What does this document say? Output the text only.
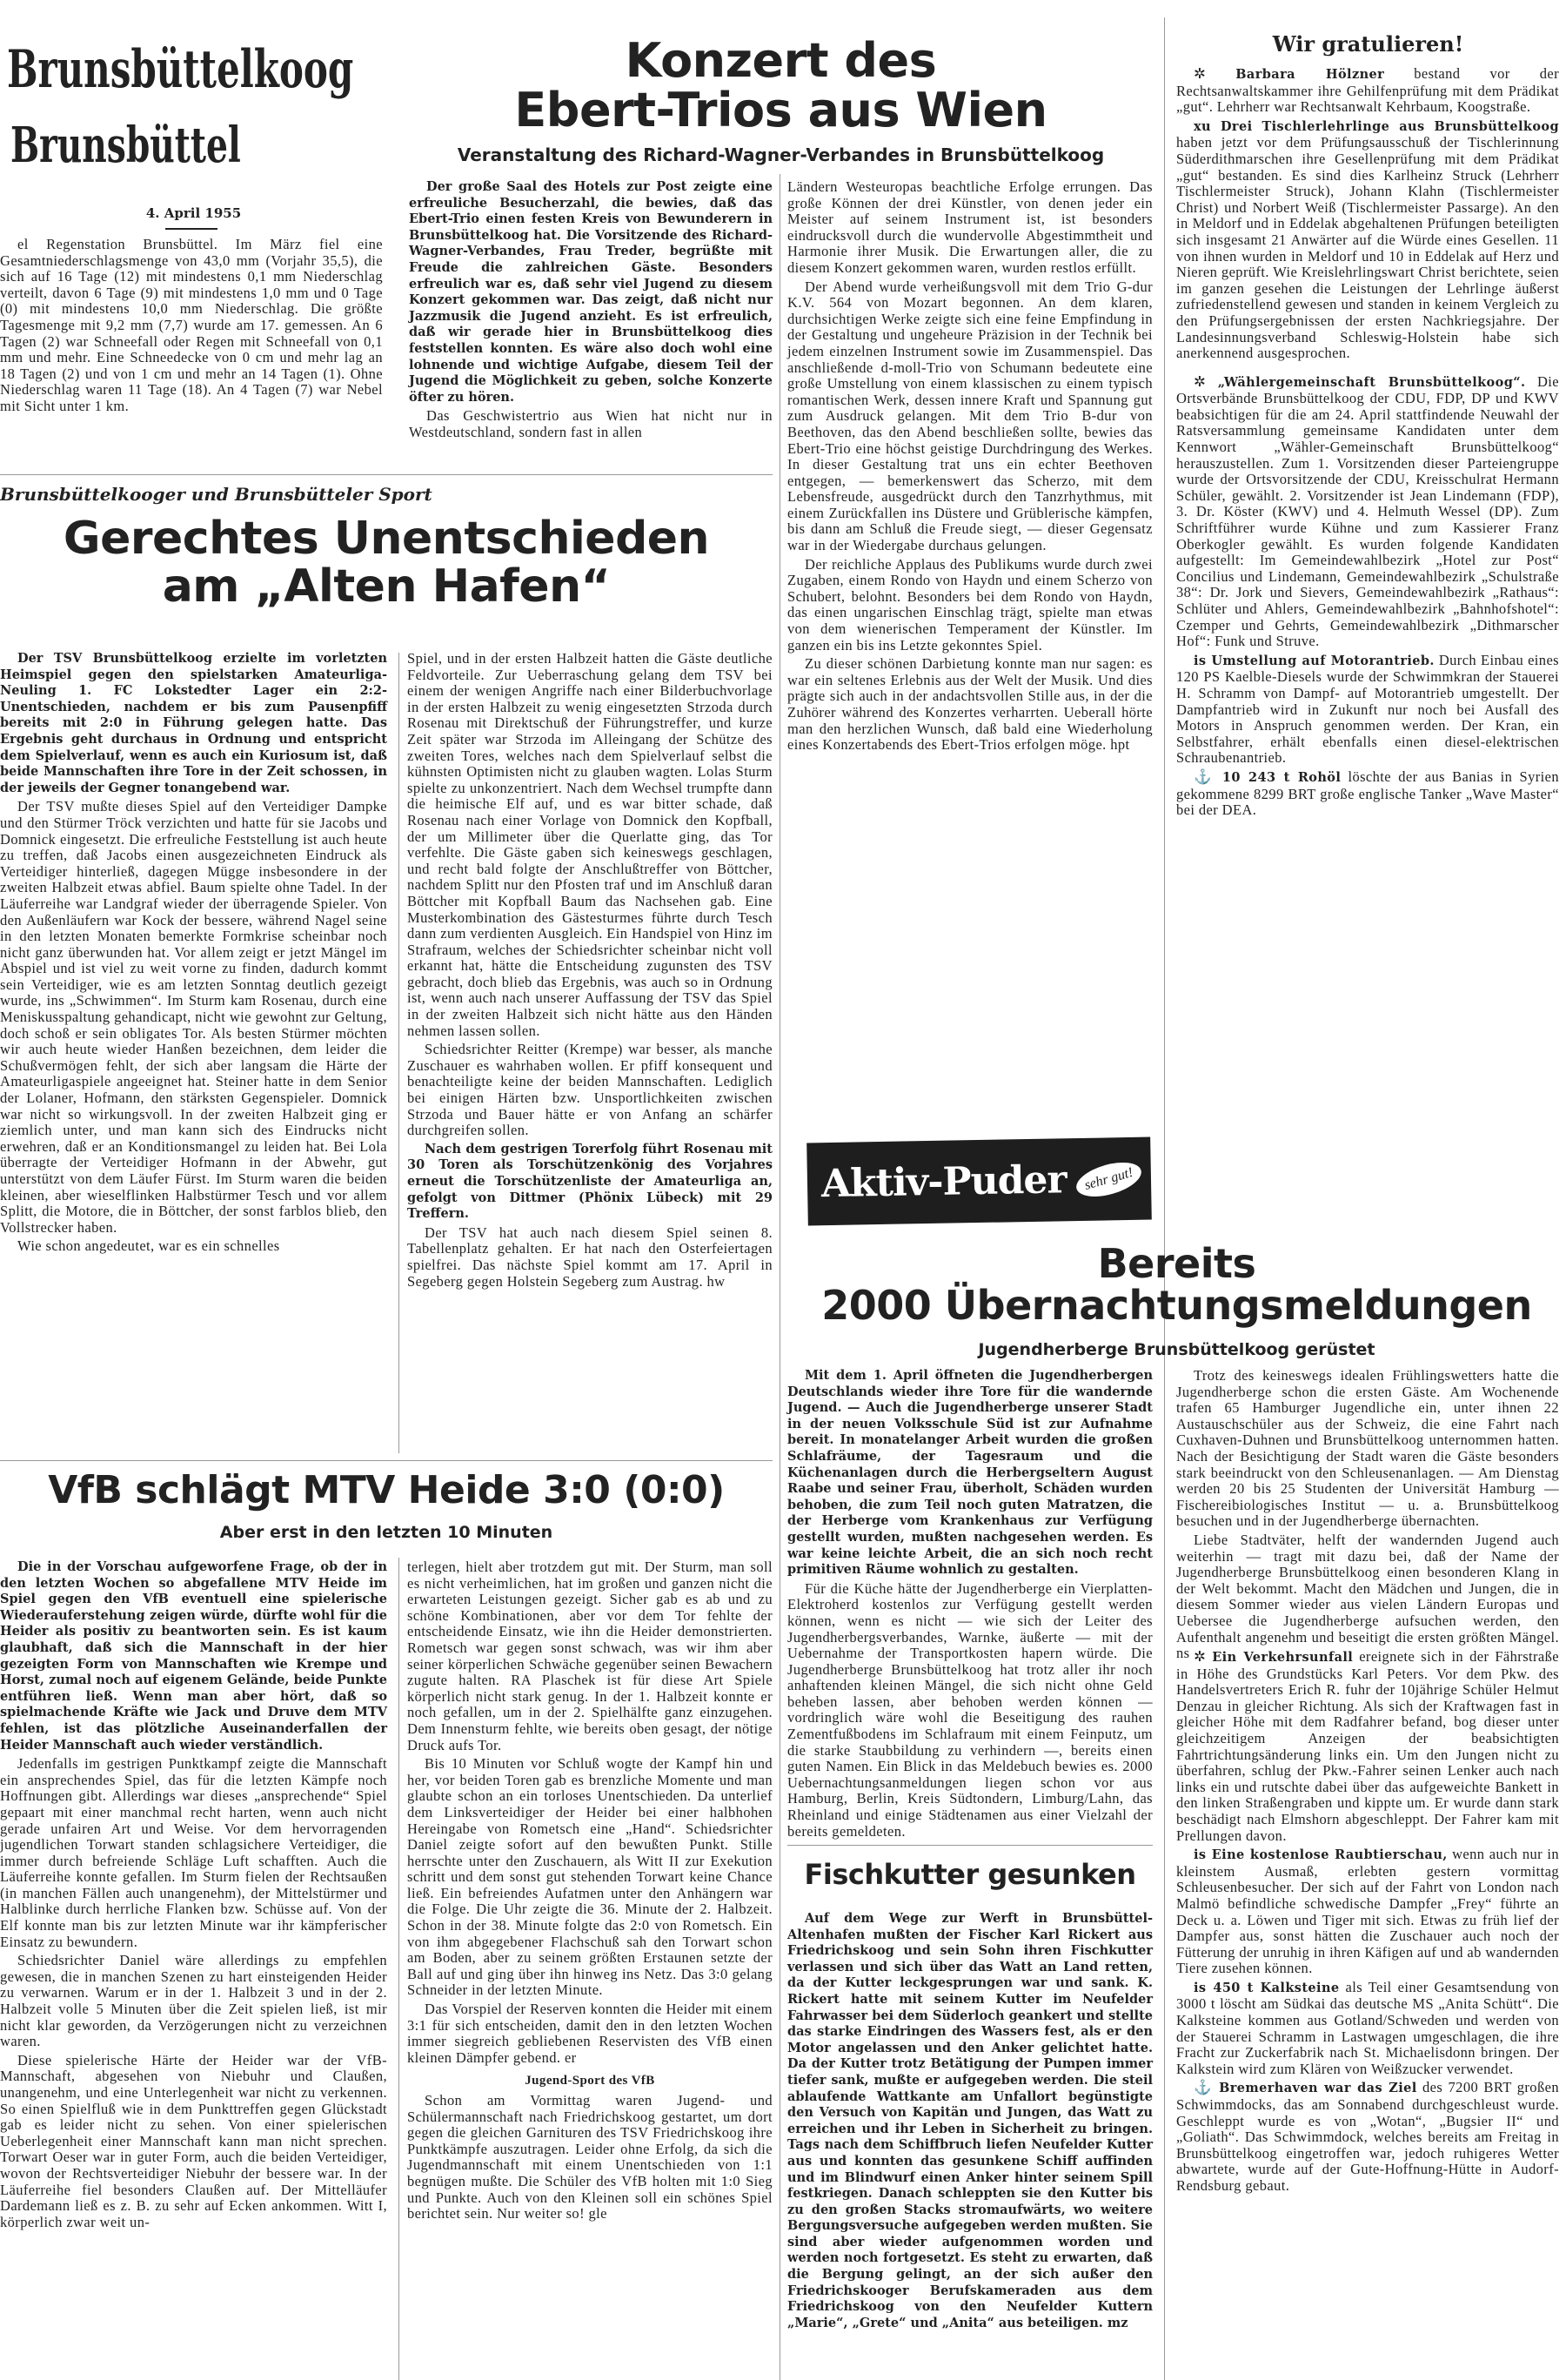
Brunsbüttelkoog
Brunsbüttel
4. April 1955

el Regenstation Brunsbüttel. Im März fiel eine Gesamtniederschlagsmenge von 43,0 mm (Vorjahr 35,5), die sich auf 16 Tage (12) mit mindestens 0,1 mm Niederschlag verteilt, davon 6 Tage (9) mit mindestens 1,0 mm und 0 Tage (0) mit mindestens 10,0 mm Niederschlag. Die größte Tagesmenge mit 9,2 mm (7,7) wurde am 17. gemessen. An 6 Tagen (2) war Schneefall oder Regen mit Schneefall von 0,1 mm und mehr. Eine Schneedecke von 0 cm und mehr lag an 18 Tagen (2) und von 1 cm und mehr an 14 Tagen (1). Ohne Niederschlag waren 11 Tage (18). An 4 Tagen (7) war Nebel mit Sicht unter 1 km.

Konzert des
Ebert-Trios aus Wien
Veranstaltung des Richard-Wagner-Verbandes in Brunsbüttelkoog

Der große Saal des Hotels zur Post zeigte eine erfreuliche Besucherzahl, die bewies, daß das Ebert-Trio einen festen Kreis von Bewunderern in Brunsbüttelkoog hat. Die Vorsitzende des Richard-Wagner-Verbandes, Frau Treder, begrüßte mit Freude die zahlreichen Gäste. Besonders erfreulich war es, daß sehr viel Jugend zu diesem Konzert gekommen war. Das zeigt, daß nicht nur Jazzmusik die Jugend anzieht. Es ist erfreulich, daß wir gerade hier in Brunsbüttelkoog dies feststellen konnten. Es wäre also doch wohl eine lohnende und wichtige Aufgabe, diesem Teil der Jugend die Möglichkeit zu geben, solche Konzerte öfter zu hören.

Das Geschwistertrio aus Wien hat nicht nur in Westdeutschland, sondern fast in allen

Ländern Westeuropas beachtliche Erfolge errungen. Das große Können der drei Künstler, von denen jeder ein Meister auf seinem Instrument ist, ist besonders eindrucksvoll durch die wundervolle Abgestimmtheit und Harmonie ihrer Musik. Die Erwartungen aller, die zu diesem Konzert gekommen waren, wurden restlos erfüllt.

Der Abend wurde verheißungsvoll mit dem Trio G-dur K.V. 564 von Mozart begonnen. An dem klaren, durchsichtigen Werke zeigte sich eine feine Empfindung in der Gestaltung und ungeheure Präzision in der Technik bei jedem einzelnen Instrument sowie im Zusammenspiel. Das anschließende d-moll-Trio von Schumann bedeutete eine große Umstellung von einem klassischen zu einem typisch romantischen Werk, dessen innere Kraft und Spannung gut zum Ausdruck gelangen. Mit dem Trio B-dur von Beethoven, das den Abend beschließen sollte, bewies das Ebert-Trio eine höchst geistige Durchdringung des Werkes. In dieser Gestaltung trat uns ein echter Beethoven entgegen, — bemerkenswert das Scherzo, mit dem Lebensfreude, ausgedrückt durch den Tanzrhythmus, mit einem Zurückfallen ins Düstere und Grüblerische kämpfen, bis dann am Schluß die Freude siegt, — dieser Gegensatz war in der Wiedergabe durchaus gelungen.

Der reichliche Applaus des Publikums wurde durch zwei Zugaben, einem Rondo von Haydn und einem Scherzo von Schubert, belohnt. Besonders bei dem Rondo von Haydn, das einen ungarischen Einschlag trägt, spielte man etwas von dem wienerischen Temperament der Künstler. Im ganzen ein bis ins Letzte gekonntes Spiel.

Zu dieser schönen Darbietung konnte man nur sagen: es war ein seltenes Erlebnis aus der Welt der Musik. Und dies prägte sich auch in der andachtsvollen Stille aus, in der die Zuhörer während des Konzertes verharrten. Ueberall hörte man den herzlichen Wunsch, daß bald eine Wiederholung eines Konzertabends des Ebert-Trios erfolgen möge. hpt

Wir gratulieren!

✲ Barbara Hölzner bestand vor der Rechtsanwaltskammer ihre Gehilfenprüfung mit dem Prädikat „gut“. Lehrherr war Rechtsanwalt Kehrbaum, Koogstraße.

xu Drei Tischlerlehrlinge aus Brunsbüttelkoog haben jetzt vor dem Prüfungsausschuß der Tischlerinnung Süderdithmarschen ihre Gesellenprüfung mit dem Prädikat „gut“ bestanden. Es sind dies Karlheinz Struck (Lehrherr Tischlermeister Struck), Johann Klahn (Tischlermeister Christ) und Norbert Weiß (Tischlermeister Passarge). An den in Meldorf und in Eddelak abgehaltenen Prüfungen beteiligten sich insgesamt 21 Anwärter auf die Würde eines Gesellen. 11 von ihnen wurden in Meldorf und 10 in Eddelak auf Herz und Nieren geprüft. Wie Kreislehrlingswart Christ berichtete, seien im ganzen gesehen die Leistungen der Lehrlinge äußerst zufriedenstellend gewesen und standen in keinem Vergleich zu den Prüfungsergebnissen der ersten Nachkriegsjahre. Der Landesinnungsverband Schleswig-Holstein habe sich anerkennend ausgesprochen.

✲ „Wählergemeinschaft Brunsbüttelkoog“. Die Ortsverbände Brunsbüttelkoog der CDU, FDP, DP und KWV beabsichtigen für die am 24. April stattfindende Neuwahl der Ratsversammlung gemeinsame Kandidaten unter dem Kennwort „Wähler-Gemeinschaft Brunsbüttelkoog“ herauszustellen. Zum 1. Vorsitzenden dieser Parteiengruppe wurde der Ortsvorsitzende der CDU, Kreisschulrat Hermann Schüler, gewählt. 2. Vorsitzender ist Jean Lindemann (FDP), 3. Dr. Köster (KWV) und 4. Helmuth Wessel (DP). Zum Schriftführer wurde Kühne und zum Kassierer Franz Oberkogler gewählt. Es wurden folgende Kandidaten aufgestellt: Im Gemeindewahlbezirk „Hotel zur Post“ Concilius und Lindemann, Gemeindewahlbezirk „Schulstraße 38“: Dr. Jork und Sievers, Gemeindewahlbezirk „Rathaus“: Schlüter und Ahlers, Gemeindewahlbezirk „Bahnhofshotel“: Czemper und Gehrts, Gemeindewahlbezirk „Dithmarscher Hof“: Funk und Struve.

is Umstellung auf Motorantrieb. Durch Einbau eines 120 PS Kaelble-Diesels wurde der Schwimmkran der Stauerei H. Schramm von Dampf- auf Motorantrieb umgestellt. Der Dampfantrieb wird in Zukunft nur noch bei Ausfall des Motors in Anspruch genommen werden. Der Kran, ein Selbstfahrer, erhält ebenfalls einen diesel-elektrischen Schraubenantrieb.

⚓ 10 243 t Rohöl löschte der aus Banias in Syrien gekommene 8299 BRT große englische Tanker „Wave Master“ bei der DEA.

Aktiv-Puder	sehr gut!
Brunsbüttelkooger und Brunsbütteler Sport
Gerechtes Unentschieden
am „Alten Hafen“

Der TSV Brunsbüttelkoog erzielte im vorletzten Heimspiel gegen den spielstarken Amateurliga-Neuling 1. FC Lokstedter Lager ein 2:2-Unentschieden, nachdem er bis zum Pausenpfiff bereits mit 2:0 in Führung gelegen hatte. Das Ergebnis geht durchaus in Ordnung und entspricht dem Spielverlauf, wenn es auch ein Kuriosum ist, daß beide Mannschaften ihre Tore in der Zeit schossen, in der jeweils der Gegner tonangebend war.

Der TSV mußte dieses Spiel auf den Verteidiger Dampke und den Stürmer Tröck verzichten und hatte für sie Jacobs und Domnick eingesetzt. Die erfreuliche Feststellung ist auch heute zu treffen, daß Jacobs einen ausgezeichneten Eindruck als Verteidiger hinterließ, dagegen Mügge insbesondere in der zweiten Halbzeit etwas abfiel. Baum spielte ohne Tadel. In der Läuferreihe war Landgraf wieder der überragende Spieler. Von den Außenläufern war Kock der bessere, während Nagel seine in den letzten Monaten bemerkte Formkrise scheinbar noch nicht ganz überwunden hat. Vor allem zeigt er jetzt Mängel im Abspiel und ist viel zu weit vorne zu finden, dadurch kommt sein Verteidiger, wie es am letzten Sonntag deutlich gezeigt wurde, ins „Schwimmen“. Im Sturm kam Rosenau, durch eine Meniskusspaltung gehandicapt, nicht wie gewohnt zur Geltung, doch schoß er sein obligates Tor. Als besten Stürmer möchten wir auch heute wieder Hanßen bezeichnen, dem leider die Schußvermögen fehlt, der sich aber langsam die Härte der Amateurligaspiele angeeignet hat. Steiner hatte in dem Senior der Lolaner, Hofmann, den stärksten Gegenspieler. Domnick war nicht so wirkungsvoll. In der zweiten Halbzeit ging er ziemlich unter, und man kann sich des Eindrucks nicht erwehren, daß er an Konditionsmangel zu leiden hat. Bei Lola überragte der Verteidiger Hofmann in der Abwehr, gut unterstützt von dem Läufer Fürst. Im Sturm waren die beiden kleinen, aber wieselflinken Halbstürmer Tesch und vor allem Splitt, die Motore, die in Böttcher, der sonst farblos blieb, den Vollstrecker haben.

Wie schon angedeutet, war es ein schnelles

Spiel, und in der ersten Halbzeit hatten die Gäste deutliche Feldvorteile. Zur Ueberraschung gelang dem TSV bei einem der wenigen Angriffe nach einer Bilderbuchvorlage in der ersten Halbzeit zu wenig eingesetzten Strzoda durch Rosenau mit Direktschuß der Führungstreffer, und kurze Zeit später war Strzoda im Alleingang der Schütze des zweiten Tores, welches nach dem Spielverlauf selbst die kühnsten Optimisten nicht zu glauben wagten. Lolas Sturm spielte zu unkonzentriert. Nach dem Wechsel trumpfte dann die heimische Elf auf, und es war bitter schade, daß Rosenau nach einer Vorlage von Domnick den Kopfball, der um Millimeter über die Querlatte ging, das Tor verfehlte. Die Gäste gaben sich keineswegs geschlagen, und recht bald folgte der Anschlußtreffer von Böttcher, nachdem Splitt nur den Pfosten traf und im Anschluß daran Böttcher mit Kopfball Baum das Nachsehen gab. Eine Musterkombination des Gästesturmes führte durch Tesch dann zum verdienten Ausgleich. Ein Handspiel von Hinz im Strafraum, welches der Schiedsrichter scheinbar nicht voll erkannt hat, hätte die Entscheidung zugunsten des TSV gebracht, doch blieb das Ergebnis, was auch so in Ordnung ist, wenn auch nach unserer Auffassung der TSV das Spiel in der zweiten Halbzeit sich nicht hätte aus den Händen nehmen lassen sollen.

Schiedsrichter Reitter (Krempe) war besser, als manche Zuschauer es wahrhaben wollen. Er pfiff konsequent und benachteiligte keine der beiden Mannschaften. Lediglich bei einigen Härten bzw. Unsportlichkeiten zwischen Strzoda und Bauer hätte er von Anfang an schärfer durchgreifen sollen.

Nach dem gestrigen Torerfolg führt Rosenau mit 30 Toren als Torschützenkönig des Vorjahres erneut die Torschützenliste der Amateurliga an, gefolgt von Dittmer (Phönix Lübeck) mit 29 Treffern.

Der TSV hat auch nach diesem Spiel seinen 8. Tabellenplatz gehalten. Er hat nach den Osterfeiertagen spielfrei. Das nächste Spiel kommt am 17. April in Segeberg gegen Holstein Segeberg zum Austrag. hw

VfB schlägt MTV Heide 3:0 (0:0)
Aber erst in den letzten 10 Minuten

Die in der Vorschau aufgeworfene Frage, ob der in den letzten Wochen so abgefallene MTV Heide im Spiel gegen den VfB eventuell eine spielerische Wiederauferstehung zeigen würde, dürfte wohl für die Heider als positiv zu beantworten sein. Es ist kaum glaubhaft, daß sich die Mannschaft in der hier gezeigten Form von Mannschaften wie Krempe und Horst, zumal noch auf eigenem Gelände, beide Punkte entführen ließ. Wenn man aber hört, daß so spielmachende Kräfte wie Jack und Druve dem MTV fehlen, ist das plötzliche Auseinanderfallen der Heider Mannschaft auch wieder verständlich.

Jedenfalls im gestrigen Punktkampf zeigte die Mannschaft ein ansprechendes Spiel, das für die letzten Kämpfe noch Hoffnungen gibt. Allerdings war dieses „ansprechende“ Spiel gepaart mit einer manchmal recht harten, wenn auch nicht gerade unfairen Art und Weise. Vor dem hervorragenden jugendlichen Torwart standen schlagsichere Verteidiger, die immer durch befreiende Schläge Luft schafften. Auch die Läuferreihe konnte gefallen. Im Sturm fielen der Rechtsaußen (in manchen Fällen auch unangenehm), der Mittelstürmer und Halblinke durch herrliche Flanken bzw. Schüsse auf. Von der Elf konnte man bis zur letzten Minute war ihr kämpferischer Einsatz zu bewundern.

Schiedsrichter Daniel wäre allerdings zu empfehlen gewesen, die in manchen Szenen zu hart einsteigenden Heider zu verwarnen. Warum er in der 1. Halbzeit 3 und in der 2. Halbzeit volle 5 Minuten über die Zeit spielen ließ, ist mir nicht klar geworden, da Verzögerungen nicht zu verzeichnen waren.

Diese spielerische Härte der Heider war der VfB-Mannschaft, abgesehen von Niebuhr und Claußen, unangenehm, und eine Unterlegenheit war nicht zu verkennen. So einen Spielfluß wie in dem Punkttreffen gegen Glückstadt gab es leider nicht zu sehen. Von einer spielerischen Ueberlegenheit einer Mannschaft kann man nicht sprechen. Torwart Oeser war in guter Form, auch die beiden Verteidiger, wovon der Rechtsverteidiger Niebuhr der bessere war. In der Läuferreihe fiel besonders Claußen auf. Der Mittelläufer Dardemann ließ es z. B. zu sehr auf Ecken ankommen. Witt I, körperlich zwar weit un-

terlegen, hielt aber trotzdem gut mit. Der Sturm, man soll es nicht verheimlichen, hat im großen und ganzen nicht die erwarteten Leistungen gezeigt. Sicher gab es ab und zu schöne Kombinationen, aber vor dem Tor fehlte der entscheidende Einsatz, wie ihn die Heider demonstrierten. Rometsch war gegen sonst schwach, was wir ihm aber seiner körperlichen Schwäche gegenüber seinen Bewachern zugute halten. RA Plaschek ist für diese Art Spiele körperlich nicht stark genug. In der 1. Halbzeit konnte er noch gefallen, um in der 2. Spielhälfte ganz einzugehen. Dem Innensturm fehlte, wie bereits oben gesagt, der nötige Druck aufs Tor.

Bis 10 Minuten vor Schluß wogte der Kampf hin und her, vor beiden Toren gab es brenzliche Momente und man glaubte schon an ein torloses Unentschieden. Da unterlief dem Linksverteidiger der Heider bei einer halbhohen Hereingabe von Rometsch eine „Hand“. Schiedsrichter Daniel zeigte sofort auf den bewußten Punkt. Stille herrschte unter den Zuschauern, als Witt II zur Exekution schritt und dem sonst gut stehenden Torwart keine Chance ließ. Ein befreiendes Aufatmen unter den Anhängern war die Folge. Die Uhr zeigte die 36. Minute der 2. Halbzeit. Schon in der 38. Minute folgte das 2:0 von Rometsch. Ein von ihm abgegebener Flachschuß sah den Torwart schon am Boden, aber zu seinem größten Erstaunen setzte der Ball auf und ging über ihn hinweg ins Netz. Das 3:0 gelang Schneider in der letzten Minute.

Das Vorspiel der Reserven konnten die Heider mit einem 3:1 für sich entscheiden, damit den in den letzten Wochen immer siegreich gebliebenen Reservisten des VfB einen kleinen Dämpfer gebend. er

Jugend-Sport des VfB

Schon am Vormittag waren Jugend- und Schülermannschaft nach Friedrichskoog gestartet, um dort gegen die gleichen Garnituren des TSV Friedrichskoog ihre Punktkämpfe auszutragen. Leider ohne Erfolg, da sich die Jugendmannschaft mit einem Unentschieden von 1:1 begnügen mußte. Die Schüler des VfB holten mit 1:0 Sieg und Punkte. Auch von den Kleinen soll ein schönes Spiel berichtet sein. Nur weiter so! gle

Bereits
2000 Übernachtungsmeldungen
Jugendherberge Brunsbüttelkoog gerüstet

Mit dem 1. April öffneten die Jugendherbergen Deutschlands wieder ihre Tore für die wandernde Jugend. — Auch die Jugendherberge unserer Stadt in der neuen Volksschule Süd ist zur Aufnahme bereit. In monatelanger Arbeit wurden die großen Schlafräume, der Tagesraum und die Küchenanlagen durch die Herbergseltern August Raabe und seiner Frau, überholt, Schäden wurden behoben, die zum Teil noch guten Matratzen, die der Herberge vom Krankenhaus zur Verfügung gestellt wurden, mußten nachgesehen werden. Es war keine leichte Arbeit, die an sich noch recht primitiven Räume wohnlich zu gestalten.

Für die Küche hätte der Jugendherberge ein Vierplatten-Elektroherd kostenlos zur Verfügung gestellt werden können, wenn es nicht — wie sich der Leiter des Jugendherbergsverbandes, Warnke, äußerte — mit der Uebernahme der Transportkosten hapern würde. Die Jugendherberge Brunsbüttelkoog hat trotz aller ihr noch anhaftenden kleinen Mängel, die sich nicht ohne Geld beheben lassen, aber behoben werden können — vordringlich wäre wohl die Beseitigung des rauhen Zementfußbodens im Schlafraum mit einem Feinputz, um die starke Staubbildung zu verhindern —, bereits einen guten Namen. Ein Blick in das Meldebuch bewies es. 2000 Uebernachtungsanmeldungen liegen schon vor aus Hamburg, Berlin, Kreis Südtondern, Limburg/Lahn, das Rheinland und einige Städtenamen aus einer Vielzahl der bereits gemeldeten.

Trotz des keineswegs idealen Frühlingswetters hatte die Jugendherberge schon die ersten Gäste. Am Wochenende trafen 65 Hamburger Jugendliche ein, unter ihnen 22 Austauschschüler aus der Schweiz, die eine Fahrt nach Cuxhaven-Duhnen und Brunsbüttelkoog unternommen hatten. Nach der Besichtigung der Stadt waren die Gäste besonders stark beeindruckt von den Schleusenanlagen. — Am Dienstag werden 20 bis 25 Studenten der Universität Hamburg — Fischereibiologisches Institut — u. a. Brunsbüttelkoog besuchen und in der Jugendherberge übernachten.

Liebe Stadtväter, helft der wandernden Jugend auch weiterhin — tragt mit dazu bei, daß der Name der Jugendherberge Brunsbüttelkoog einen besonderen Klang in der Welt bekommt. Macht den Mädchen und Jungen, die in diesem Sommer wieder aus vielen Ländern Europas und Uebersee die Jugendherberge aufsuchen werden, den Aufenthalt angenehm und beseitigt die ersten größten Mängel. ns

Fischkutter gesunken

Auf dem Wege zur Werft in Brunsbüttel-Altenhafen mußten der Fischer Karl Rickert aus Friedrichskoog und sein Sohn ihren Fischkutter verlassen und sich über das Watt an Land retten, da der Kutter leckgesprungen war und sank. K. Rickert hatte mit seinem Kutter im Neufelder Fahrwasser bei dem Süderloch geankert und stellte das starke Eindringen des Wassers fest, als er den Motor angelassen und den Anker gelichtet hatte. Da der Kutter trotz Betätigung der Pumpen immer tiefer sank, mußte er aufgegeben werden. Die steil ablaufende Wattkante am Unfallort begünstigte den Versuch von Kapitän und Jungen, das Watt zu erreichen und ihr Leben in Sicherheit zu bringen. Tags nach dem Schiffbruch liefen Neufelder Kutter aus und konnten das gesunkene Schiff auffinden und im Blindwurf einen Anker hinter seinem Spill festkriegen. Danach schleppten sie den Kutter bis zu den großen Stacks stromaufwärts, wo weitere Bergungsversuche aufgegeben werden mußten. Sie sind aber wieder aufgenommen worden und werden noch fortgesetzt. Es steht zu erwarten, daß die Bergung gelingt, an der sich außer den Friedrichskooger Berufskameraden aus dem Friedrichskoog von den Neufelder Kuttern „Marie“, „Grete“ und „Anita“ aus beteiligen. mz

✲ Ein Verkehrsunfall ereignete sich in der Fährstraße in Höhe des Grundstücks Karl Peters. Vor dem Pkw. des Handelsvertreters Erich R. fuhr der 10jährige Schüler Helmut Denzau in gleicher Richtung. Als sich der Kraftwagen fast in gleicher Höhe mit dem Radfahrer befand, bog dieser unter gleichzeitigem Anzeigen der beabsichtigten Fahrtrichtungsänderung links ein. Um den Jungen nicht zu überfahren, schlug der Pkw.-Fahrer seinen Lenker auch nach links ein und rutschte dabei über das aufgeweichte Bankett in den linken Straßengraben und kippte um. Er wurde dann stark beschädigt nach Elmshorn abgeschleppt. Der Fahrer kam mit Prellungen davon.

is Eine kostenlose Raubtierschau, wenn auch nur in kleinstem Ausmaß, erlebten gestern vormittag Schleusenbesucher. Der sich auf der Fahrt von London nach Malmö befindliche schwedische Dampfer „Frey“ führte an Deck u. a. Löwen und Tiger mit sich. Etwas zu früh lief der Dampfer aus, sonst hätten die Zuschauer auch noch der Fütterung der unruhig in ihren Käfigen auf und ab wandernden Tiere zusehen können.

is 450 t Kalksteine als Teil einer Gesamtsendung von 3000 t löscht am Südkai das deutsche MS „Anita Schütt“. Die Kalksteine kommen aus Gotland/Schweden und werden von der Stauerei Schramm in Lastwagen umgeschlagen, die ihre Fracht zur Zuckerfabrik nach St. Michaelisdonn bringen. Der Kalkstein wird zum Klären von Weißzucker verwendet.

⚓ Bremerhaven war das Ziel des 7200 BRT großen Schwimmdocks, das am Sonnabend durchgeschleust wurde. Geschleppt wurde es von „Wotan“, „Bugsier II“ und „Goliath“. Das Schwimmdock, welches bereits am Freitag in Brunsbüttelkoog eingetroffen war, jedoch ruhigeres Wetter abwartete, wurde auf der Gute-Hoffnung-Hütte in Audorf-Rendsburg gebaut.
